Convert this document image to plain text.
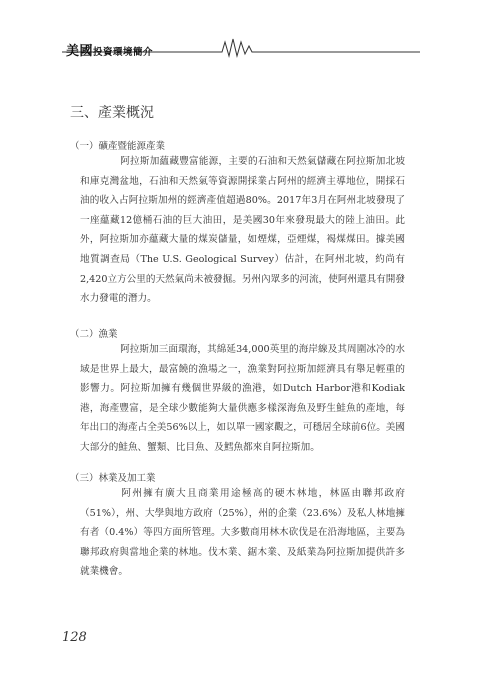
美國投資環境簡介
三、產業概況
（一）礦產暨能源產業

阿拉斯加蘊藏豐富能源，主要的石油和天然氣儲藏在阿拉斯加北坡和庫克灣盆地，石油和天然氣等資源開採業占阿州的經濟主導地位，開採石油的收入占阿拉斯加州的經濟產值超過80%。2017年3月在阿州北坡發現了一座蘊藏12億桶石油的巨大油田，是美國30年來發現最大的陸上油田。此外，阿拉斯加亦蘊藏大量的煤炭儲量，如煙煤，亞煙煤，褐煤煤田。據美國地質調查局（The U.S. Geological Survey）估計，在阿州北坡，約尚有2,420立方公里的天然氣尚未被發掘。另州內眾多的河流，使阿州還具有開發水力發電的潛力。

（二）漁業

阿拉斯加三面環海，其綿延34,000英里的海岸線及其周圍冰冷的水域是世界上最大，最富饒的漁場之一，漁業對阿拉斯加經濟具有舉足輕重的影響力。阿拉斯加擁有幾個世界級的漁港，如Dutch Harbor港和Kodiak港，海產豐富，是全球少數能夠大量供應多樣深海魚及野生鮭魚的產地，每年出口的海產占全美56%以上，如以單一國家觀之，可穩居全球前6位。美國大部分的鮭魚、蟹類、比目魚、及鱈魚都來自阿拉斯加。

（三）林業及加工業

阿州擁有廣大且商業用途極高的硬木林地，林區由聯邦政府（51%），州、大學與地方政府（25%），州的企業（23.6%）及私人林地擁有者（0.4%）等四方面所管理。大多數商用林木砍伐是在沿海地區，主要為聯邦政府與當地企業的林地。伐木業、鋸木業、及紙業為阿拉斯加提供許多就業機會。

128
